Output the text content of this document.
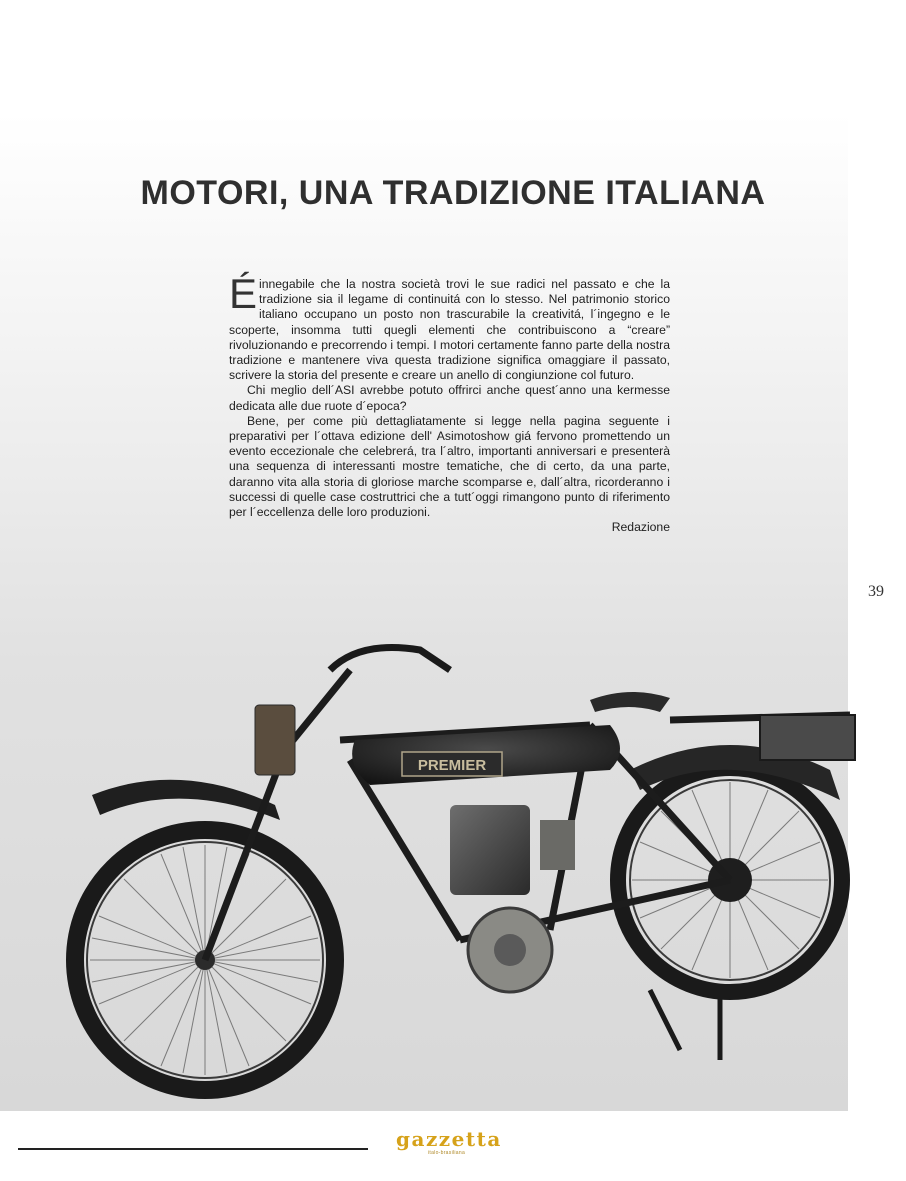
MOTORI, UNA TRADIZIONE ITALIANA

Éinnegabile che la nostra società trovi le sue radici nel passato e che la tradizione sia il legame di continuitá con lo stesso. Nel patrimonio storico italiano occupano un posto non trascurabile la creativitá, l´ingegno e le scoperte, insomma tutti quegli elementi che contribuiscono a “creare” rivoluzionando e precorrendo i tempi. I motori certamente fanno parte della nostra tradizione e mantenere viva questa tradizione significa omaggiare il passato, scrivere la storia del presente e creare un anello di congiunzione col futuro.

Chi meglio dell´ASI avrebbe potuto offrirci anche quest´anno una kermesse dedicata alle due ruote d´epoca?

Bene, per come più dettagliatamente si legge nella pagina seguente i preparativi per l´ottava edizione dell' Asimotoshow giá fervono promettendo un evento eccezionale che celebrerá, tra l´altro, importanti anniversari e presenterà una sequenza di interessanti mostre tematiche, che di certo, da una parte, daranno vita alla storia di gloriose marche scomparse e, dall´altra, ricorderanno i successi di quelle case costruttrici che a tutt´oggi rimangono punto di riferimento per l´eccellenza delle loro produzioni.

Redazione

39
PREMIER
gazzetta
italo-brasiliana
